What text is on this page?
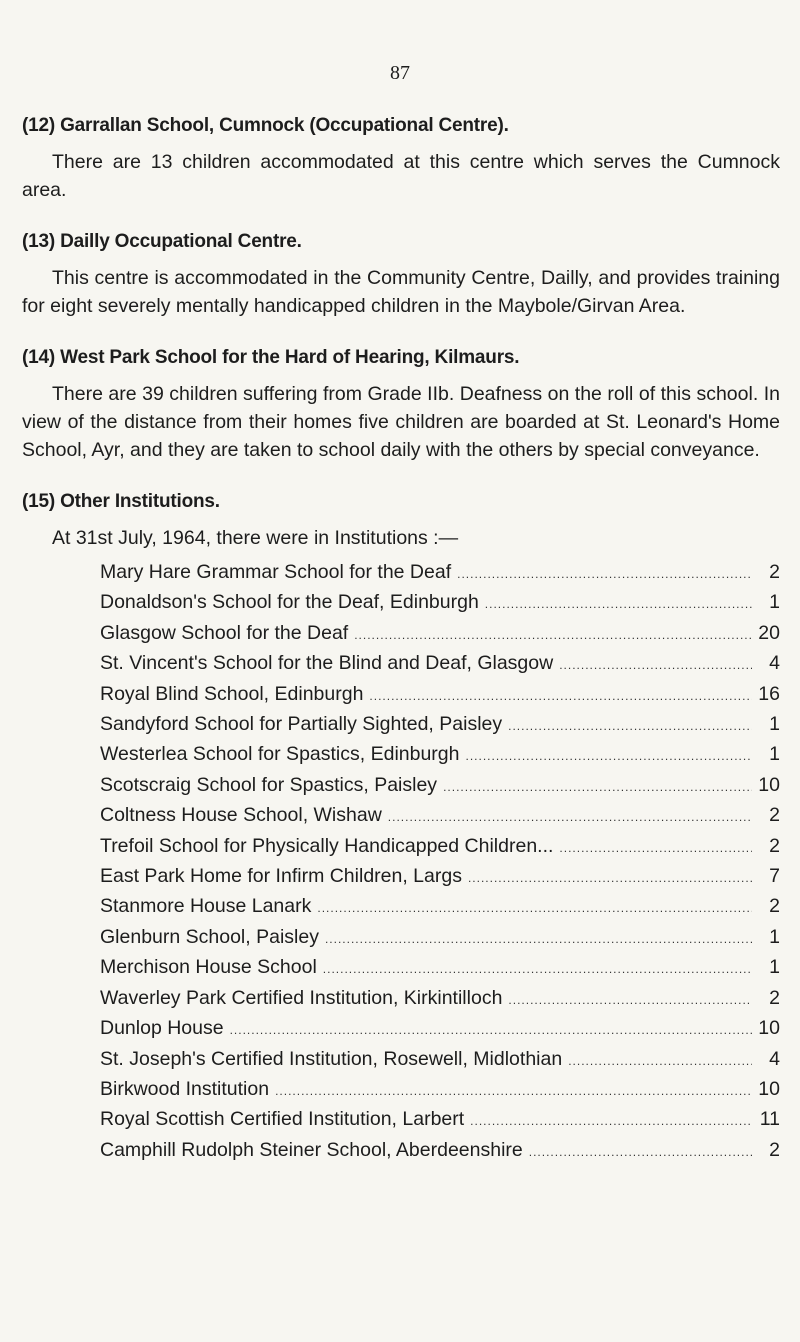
87

(12) Garrallan School, Cumnock (Occupational Centre).

There are 13 children accommodated at this centre which serves the Cumnock area.

(13) Dailly Occupational Centre.

This centre is accommodated in the Community Centre, Dailly, and provides training for eight severely mentally handicapped children in the Maybole/Girvan Area.

(14) West Park School for the Hard of Hearing, Kilmaurs.

There are 39 children suffering from Grade IIb. Deafness on the roll of this school. In view of the distance from their homes five children are boarded at St. Leonard's Home School, Ayr, and they are taken to school daily with the others by special conveyance.

(15) Other Institutions.

At 31st July, 1964, there were in Institutions :—

Mary Hare Grammar School for the Deaf .....	2
Donaldson's School for the Deaf, Edinburgh .....	1
Glasgow School for the Deaf .....	20
St. Vincent's School for the Blind and Deaf, Glasgow .....	4
Royal Blind School, Edinburgh .....	16
Sandyford School for Partially Sighted, Paisley .....	1
Westerlea School for Spastics, Edinburgh .....	1
Scotscraig School for Spastics, Paisley .....	10
Coltness House School, Wishaw .....	2
Trefoil School for Physically Handicapped Children... .....	2
East Park Home for Infirm Children, Largs .....	7
Stanmore House Lanark .....	2
Glenburn School, Paisley .....	1
Merchison House School .....	1
Waverley Park Certified Institution, Kirkintilloch .....	2
Dunlop House .....	10
St. Joseph's Certified Institution, Rosewell, Midlothian .....	4
Birkwood Institution .....	10
Royal Scottish Certified Institution, Larbert .....	11
Camphill Rudolph Steiner School, Aberdeenshire .....	2
